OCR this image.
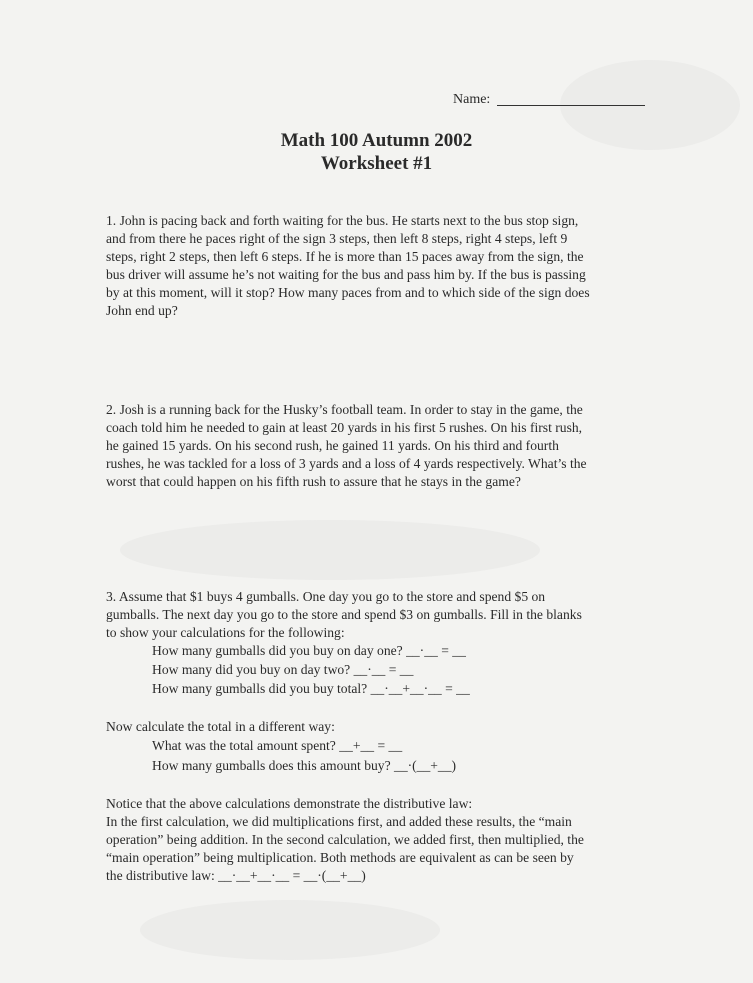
Name:
Math 100 Autumn 2002
Worksheet #1
1. John is pacing back and forth waiting for the bus. He starts next to the bus stop sign,
and from there he paces right of the sign 3 steps, then left 8 steps, right 4 steps, left 9
steps, right 2 steps, then left 6 steps. If he is more than 15 paces away from the sign, the
bus driver will assume he’s not waiting for the bus and pass him by. If the bus is passing
by at this moment, will it stop? How many paces from and to which side of the sign does
John end up?
2. Josh is a running back for the Husky’s football team. In order to stay in the game, the
coach told him he needed to gain at least 20 yards in his first 5 rushes. On his first rush,
he gained 15 yards. On his second rush, he gained 11 yards. On his third and fourth
rushes, he was tackled for a loss of 3 yards and a loss of 4 yards respectively. What’s the
worst that could happen on his fifth rush to assure that he stays in the game?
3. Assume that $1 buys 4 gumballs. One day you go to the store and spend $5 on
gumballs. The next day you go to the store and spend $3 on gumballs. Fill in the blanks
to show your calculations for the following:
How many gumballs did you buy on day one? __·__ = __
How many did you buy on day two? __·__ = __
How many gumballs did you buy total? __·__+__·__ = __
Now calculate the total in a different way:
What was the total amount spent? __+__ = __
How many gumballs does this amount buy? __·(__+__)
Notice that the above calculations demonstrate the distributive law:
In the first calculation, we did multiplications first, and added these results, the “main
operation” being addition. In the second calculation, we added first, then multiplied, the
“main operation” being multiplication. Both methods are equivalent as can be seen by
the distributive law: __·__+__·__ = __·(__+__)
